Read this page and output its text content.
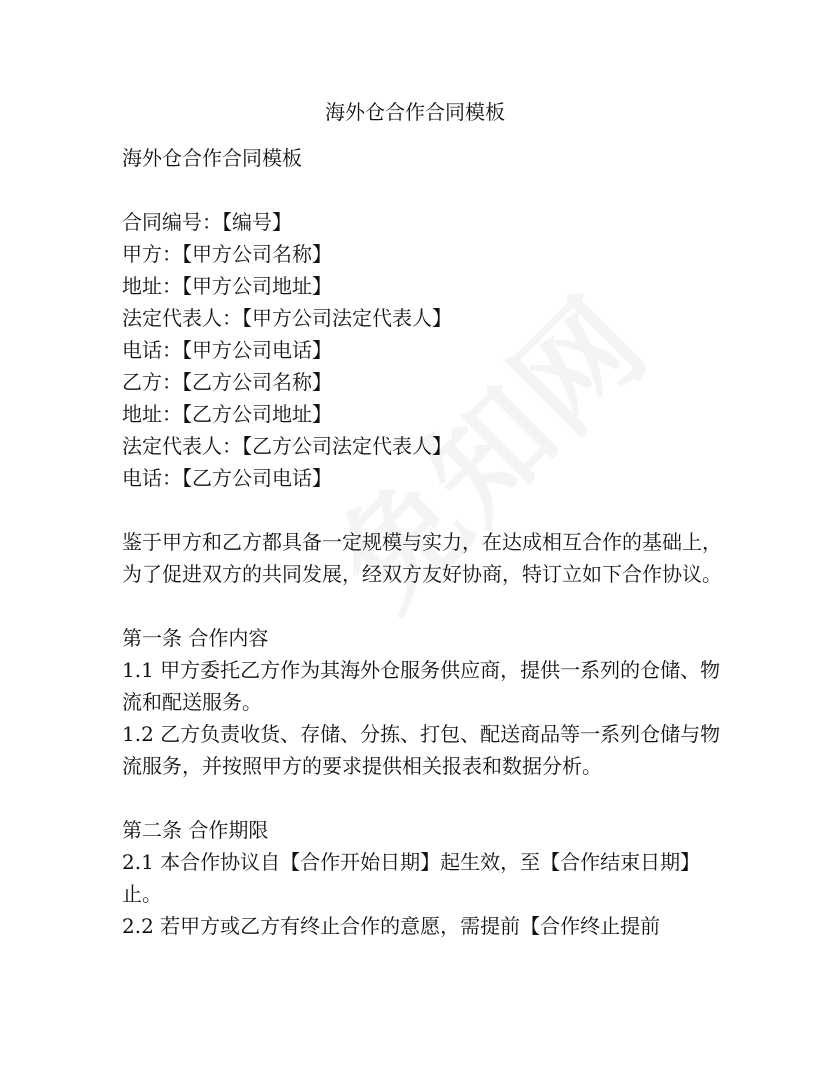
海外仓合作合同模板
海外仓合作合同模板
合同编号：【编号】
甲方：【甲方公司名称】
地址：【甲方公司地址】
法定代表人：【甲方公司法定代表人】
电话：【甲方公司电话】
乙方：【乙方公司名称】
地址：【乙方公司地址】
法定代表人：【乙方公司法定代表人】
电话：【乙方公司电话】
鉴于甲方和乙方都具备一定规模与实力，在达成相互合作的基础上，为了促进双方的共同发展，经双方友好协商，特订立如下合作协议。
第一条 合作内容
1.1 甲方委托乙方作为其海外仓服务供应商，提供一系列的仓储、物流和配送服务。
1.2 乙方负责收货、存储、分拣、打包、配送商品等一系列仓储与物流服务，并按照甲方的要求提供相关报表和数据分析。
第二条 合作期限
2.1 本合作协议自【合作开始日期】起生效，至【合作结束日期】止。
2.2 若甲方或乙方有终止合作的意愿，需提前【合作终止提前
